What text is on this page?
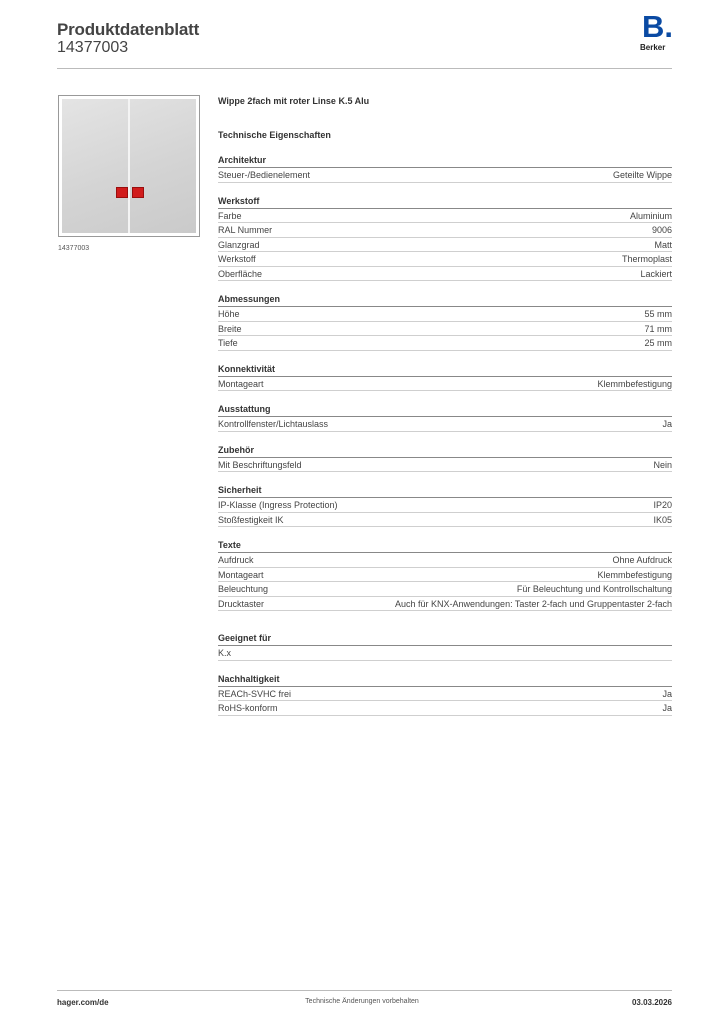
Produktdatenblatt
14377003
B.
Berker
14377003
Wippe 2fach mit roter Linse K.5 Alu
Technische Eigenschaften
Architektur
Steuer-/Bedienelement	Geteilte Wippe
Werkstoff
Farbe	Aluminium
RAL Nummer	9006
Glanzgrad	Matt
Werkstoff	Thermoplast
Oberfläche	Lackiert
Abmessungen
Höhe	55 mm
Breite	71 mm
Tiefe	25 mm
Konnektivität
Montageart	Klemmbefestigung
Ausstattung
Kontrollfenster/Lichtauslass	Ja
Zubehör
Mit Beschriftungsfeld	Nein
Sicherheit
IP-Klasse (Ingress Protection)	IP20
Stoßfestigkeit IK	IK05
Texte
Aufdruck	Ohne Aufdruck
Montageart	Klemmbefestigung
Beleuchtung	Für Beleuchtung und Kontrollschaltung
Drucktaster	Auch für KNX-Anwendungen: Taster 2-fach und Gruppentaster 2-fach
Geeignet für
K.x
Nachhaltigkeit
REACh-SVHC frei	Ja
RoHS-konform	Ja
hager.com/de	Technische Änderungen vorbehalten	03.03.2026
